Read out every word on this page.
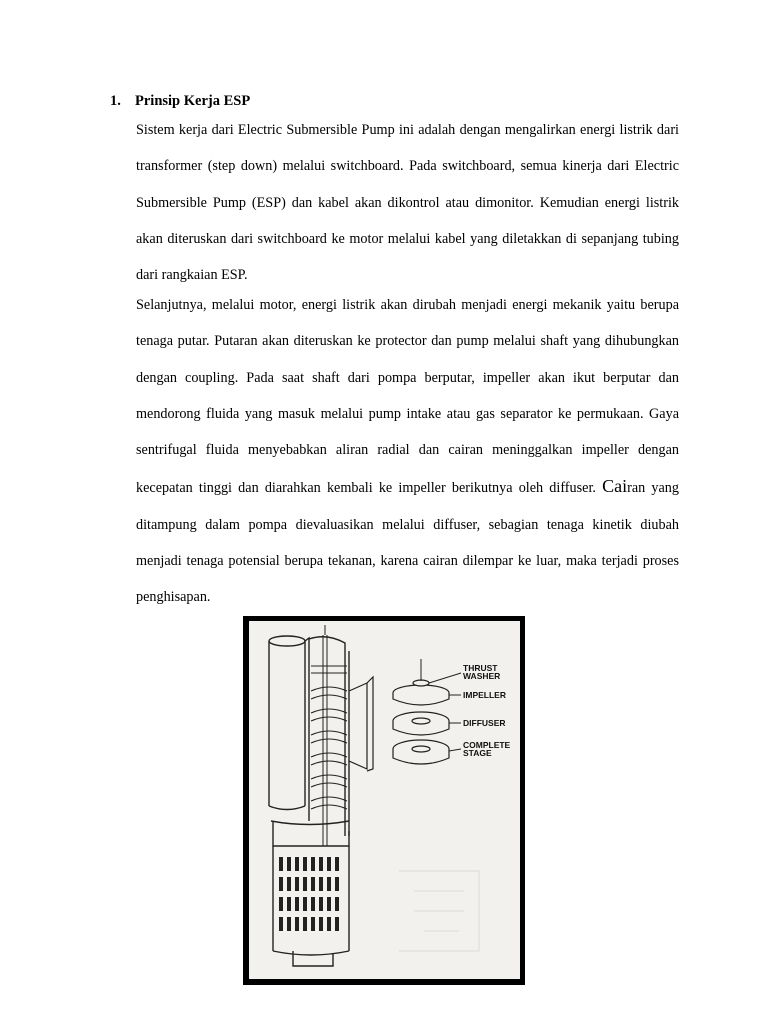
1. Prinsip Kerja ESP

Sistem kerja dari Electric Submersible Pump ini adalah dengan mengalirkan energi listrik dari transformer (step down) melalui switchboard. Pada switchboard, semua kinerja dari Electric Submersible Pump (ESP) dan kabel akan dikontrol atau dimonitor. Kemudian energi listrik akan diteruskan dari switchboard ke motor melalui kabel yang diletakkan di sepanjang tubing dari rangkaian ESP.

Selanjutnya, melalui motor, energi listrik akan dirubah menjadi energi mekanik yaitu berupa tenaga putar. Putaran akan diteruskan ke protector dan pump melalui shaft yang dihubungkan dengan coupling. Pada saat shaft dari pompa berputar, impeller akan ikut berputar dan mendorong fluida yang masuk melalui pump intake atau gas separator ke permukaan. Gaya sentrifugal fluida menyebabkan aliran radial dan cairan meninggalkan impeller dengan kecepatan tinggi dan diarahkan kembali ke impeller berikutnya oleh diffuser. Cairan yang ditampung dalam pompa dievaluasikan melalui diffuser, sebagian tenaga kinetik diubah menjadi tenaga potensial berupa tekanan, karena cairan dilempar ke luar, maka terjadi proses penghisapan.

THRUST
WASHER
IMPELLER
DIFFUSER
COMPLETE
STAGE
